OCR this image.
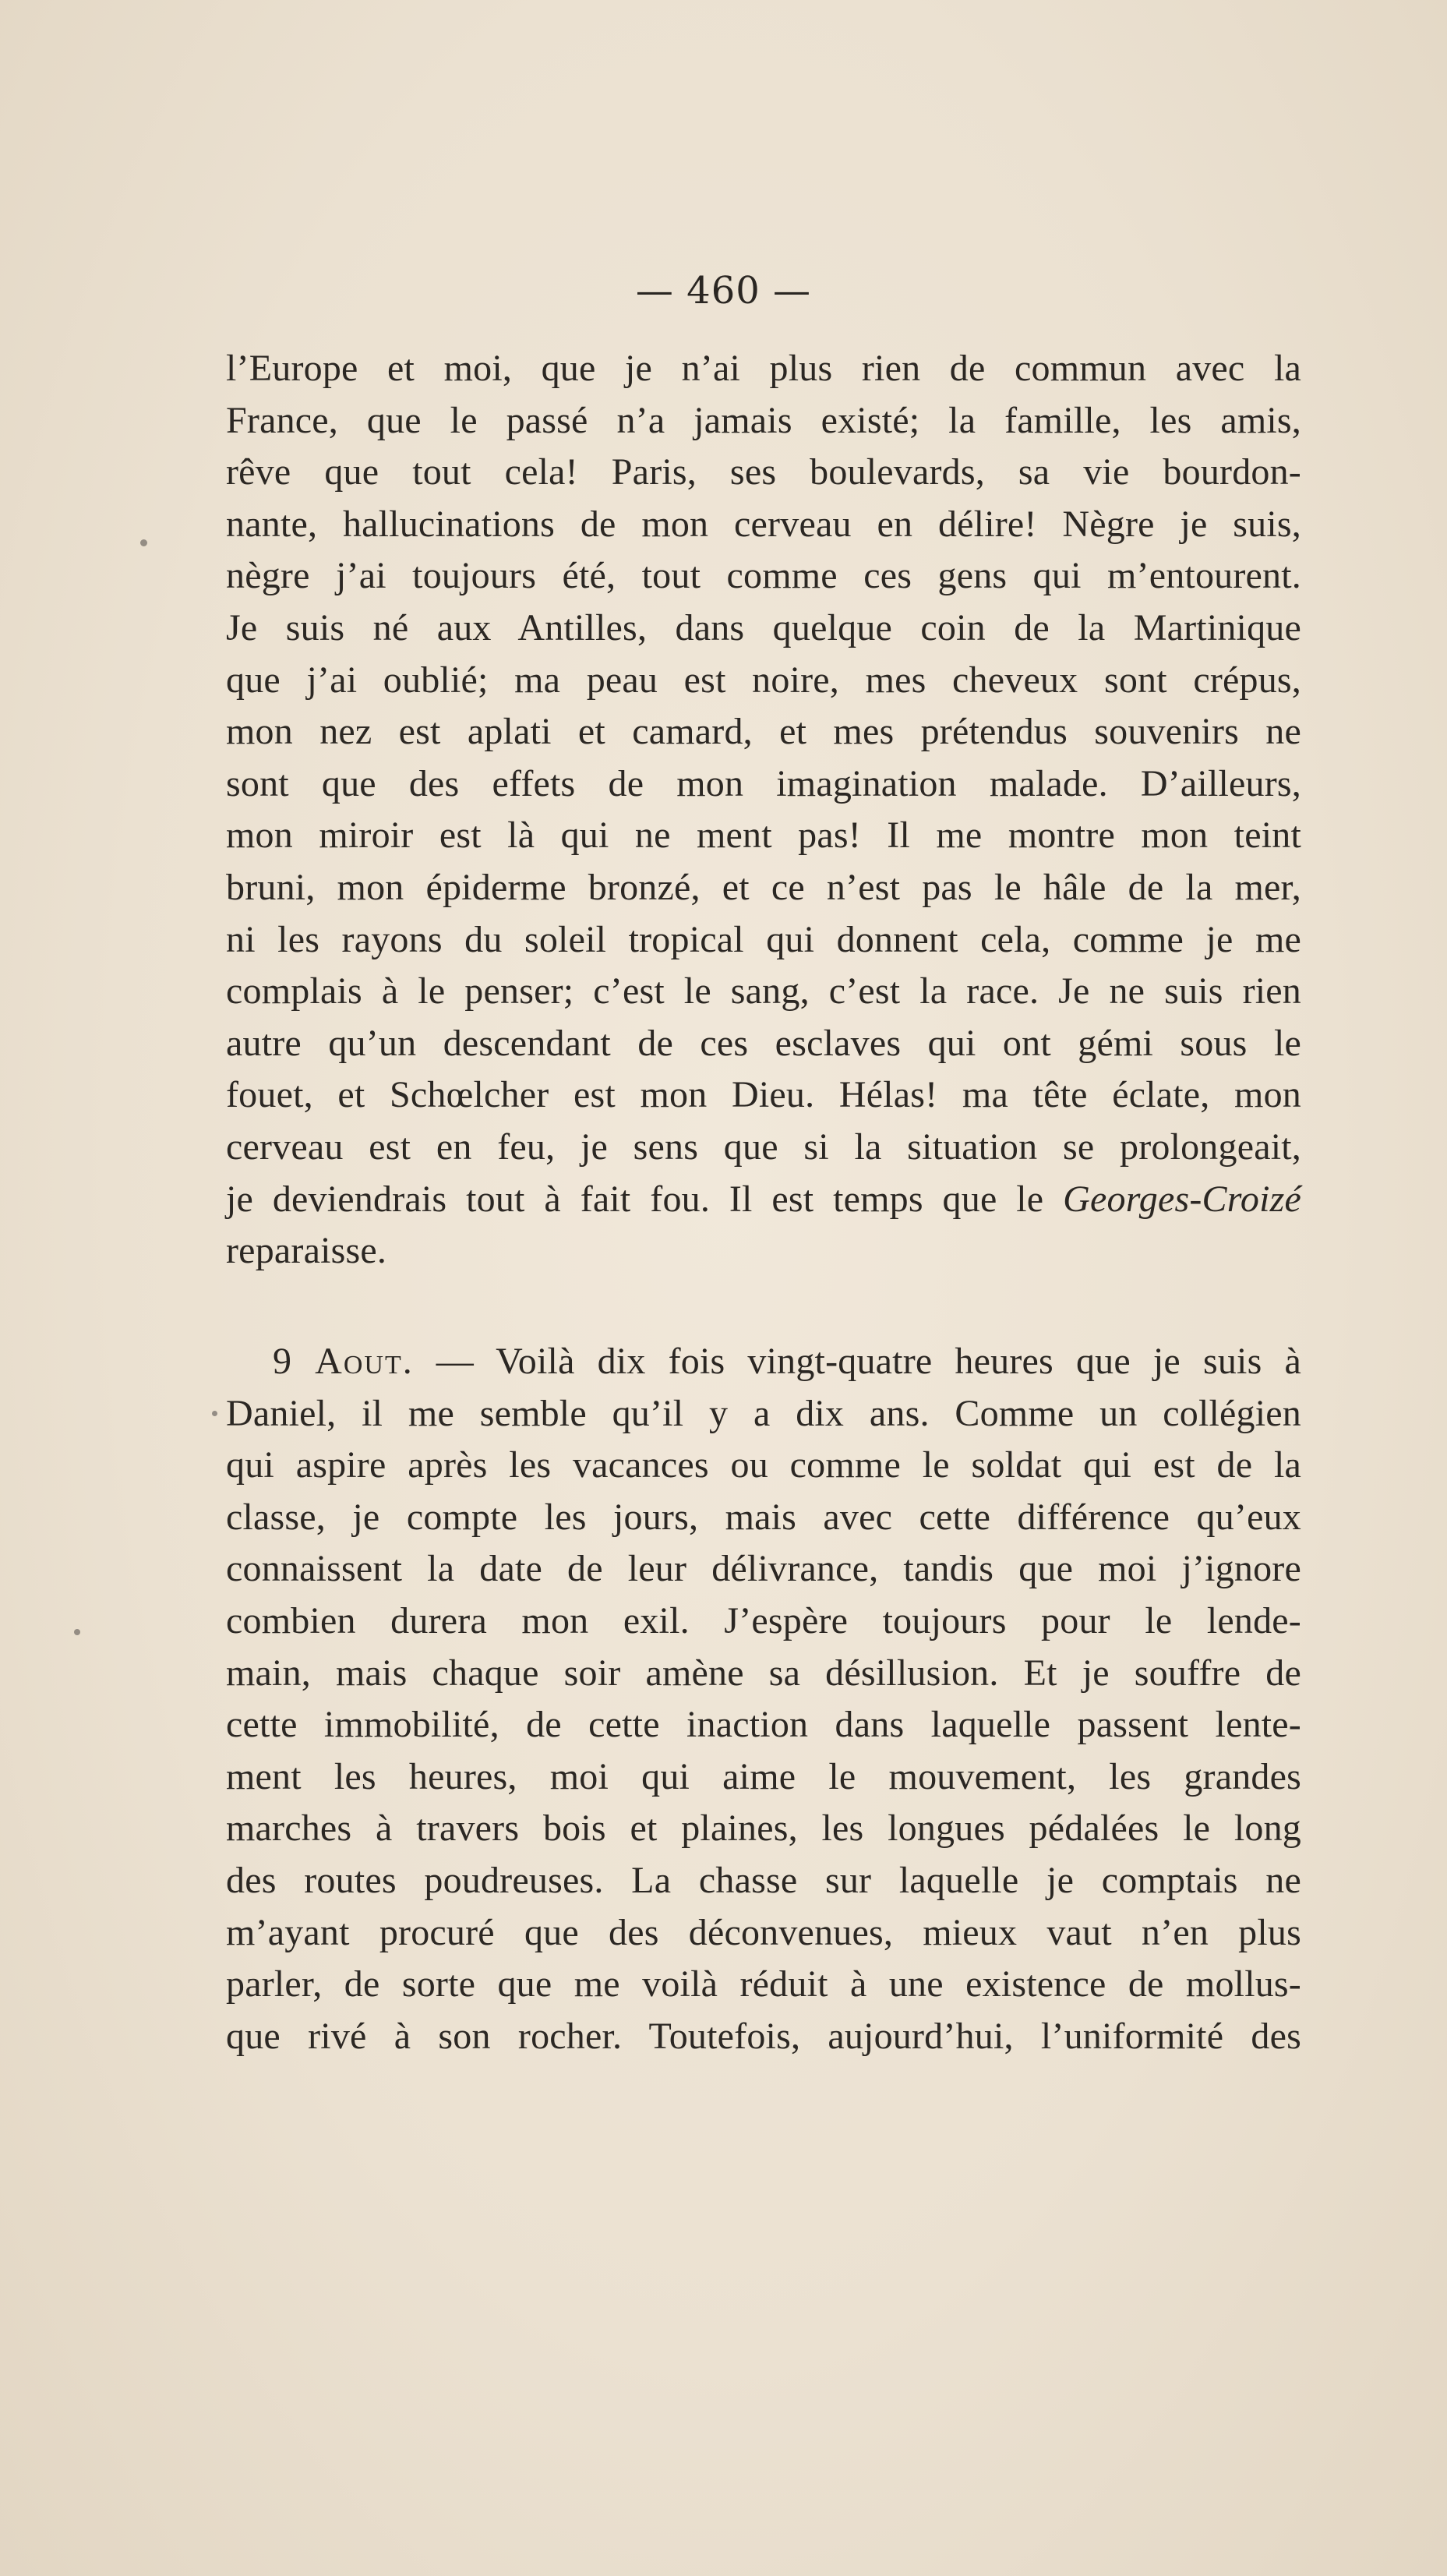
— 460 —
l’Europe et moi, que je n’ai plus rien de commun avec la
France, que le passé n’a jamais existé; la famille, les amis,
rêve que tout cela! Paris, ses boulevards, sa vie bourdon-
nante, hallucinations de mon cerveau en délire! Nègre je suis,
nègre j’ai toujours été, tout comme ces gens qui m’entourent.
Je suis né aux Antilles, dans quelque coin de la Martinique
que j’ai oublié; ma peau est noire, mes cheveux sont crépus,
mon nez est aplati et camard, et mes prétendus souvenirs ne
sont que des effets de mon imagination malade. D’ailleurs,
mon miroir est là qui ne ment pas! Il me montre mon teint
bruni, mon épiderme bronzé, et ce n’est pas le hâle de la mer,
ni les rayons du soleil tropical qui donnent cela, comme je me
complais à le penser; c’est le sang, c’est la race. Je ne suis rien
autre qu’un descendant de ces esclaves qui ont gémi sous le
fouet, et Schœlcher est mon Dieu. Hélas! ma tête éclate, mon
cerveau est en feu, je sens que si la situation se prolongeait,
je deviendrais tout à fait fou. Il est temps que le Georges-Croizé
reparaisse.
9 Aout. — Voilà dix fois vingt-quatre heures que je suis à
Daniel, il me semble qu’il y a dix ans. Comme un collégien
qui aspire après les vacances ou comme le soldat qui est de la
classe, je compte les jours, mais avec cette différence qu’eux
connaissent la date de leur délivrance, tandis que moi j’ignore
combien durera mon exil. J’espère toujours pour le lende-
main, mais chaque soir amène sa désillusion. Et je souffre de
cette immobilité, de cette inaction dans laquelle passent lente-
ment les heures, moi qui aime le mouvement, les grandes
marches à travers bois et plaines, les longues pédalées le long
des routes poudreuses. La chasse sur laquelle je comptais ne
m’ayant procuré que des déconvenues, mieux vaut n’en plus
parler, de sorte que me voilà réduit à une existence de mollus-
que rivé à son rocher. Toutefois, aujourd’hui, l’uniformité des
